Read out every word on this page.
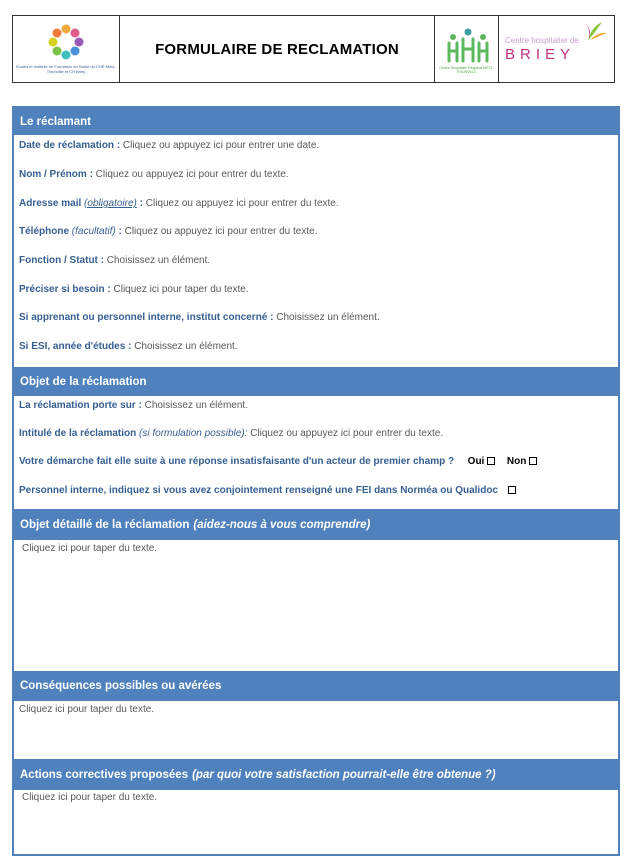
Ecoles et Instituts de Formation en Santé du CHR Metz-Thionville et CH Briey
FORMULAIRE DE RECLAMATION
Centre Hospitalier Régional METZ-THIONVILLE
Centre hospitalier de
BRIEY
Le réclamant
Date de réclamation : Cliquez ou appuyez ici pour entrer une date.
Nom / Prénom : Cliquez ou appuyez ici pour entrer du texte.
Adresse mail (obligatoire) : Cliquez ou appuyez ici pour entrer du texte.
Téléphone (facultatif) : Cliquez ou appuyez ici pour entrer du texte.
Fonction / Statut : Choisissez un élément.
Préciser si besoin : Cliquez ici pour taper du texte.
Si apprenant ou personnel interne, institut concerné : Choisissez un élément.
Si ESI, année d'études : Choisissez un élément.
Objet de la réclamation
La réclamation porte sur : Choisissez un élément.
Intitulé de la réclamation (si formulation possible): Cliquez ou appuyez ici pour entrer du texte.
Votre démarche fait elle suite à une réponse insatisfaisante d'un acteur de premier champ ? Oui Non
Personnel interne, indiquez si vous avez conjointement renseigné une FEI dans Norméa ou Qualidoc
Objet détaillé de la réclamation (aidez-nous à vous comprendre)
Cliquez ici pour taper du texte.
Conséquences possibles ou avérées
Cliquez ici pour taper du texte.
Actions correctives proposées (par quoi votre satisfaction pourrait-elle être obtenue ?)
Cliquez ici pour taper du texte.
